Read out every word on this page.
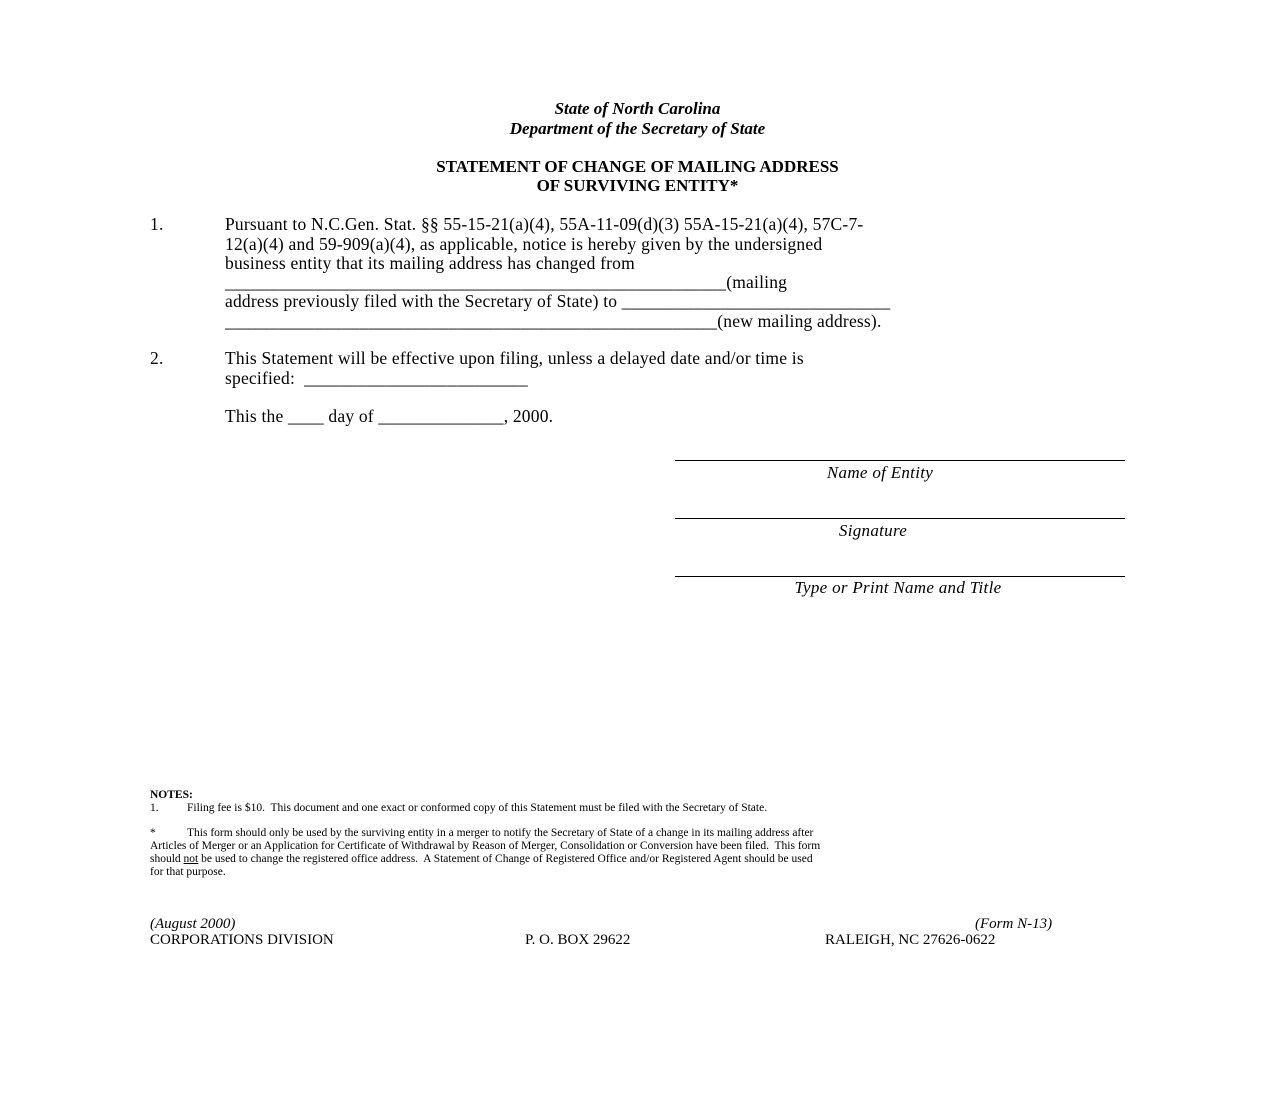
State of North Carolina
Department of the Secretary of State
STATEMENT OF CHANGE OF MAILING ADDRESS
OF SURVIVING ENTITY*
1.	Pursuant to N.C.Gen. Stat. §§ 55-15-21(a)(4), 55A-11-09(d)(3) 55A-15-21(a)(4), 57C-7-
12(a)(4) and 59-909(a)(4), as applicable, notice is hereby given by the undersigned
business entity that its mailing address has changed from
________________________________________________________(mailing
address previously filed with the Secretary of State) to ______________________________
_______________________________________________________(new mailing address).
2.	This Statement will be effective upon filing, unless a delayed date and/or time is
specified:  _________________________
This the ____ day of ______________, 2000.
Name of Entity
Signature
Type or Print Name and Title
NOTES:
1. Filing fee is $10.  This document and one exact or conformed copy of this Statement must be filed with the Secretary of State.
*	This form should only be used by the surviving entity in a merger to notify the Secretary of State of a change in its mailing address after
Articles of Merger or an Application for Certificate of Withdrawal by Reason of Merger, Consolidation or Conversion have been filed.  This form
should not be used to change the registered office address.  A Statement of Change of Registered Office and/or Registered Agent should be used
for that purpose.
(August 2000)	(Form N-13)
CORPORATIONS DIVISION	P. O. BOX 29622	RALEIGH, NC 27626-0622
